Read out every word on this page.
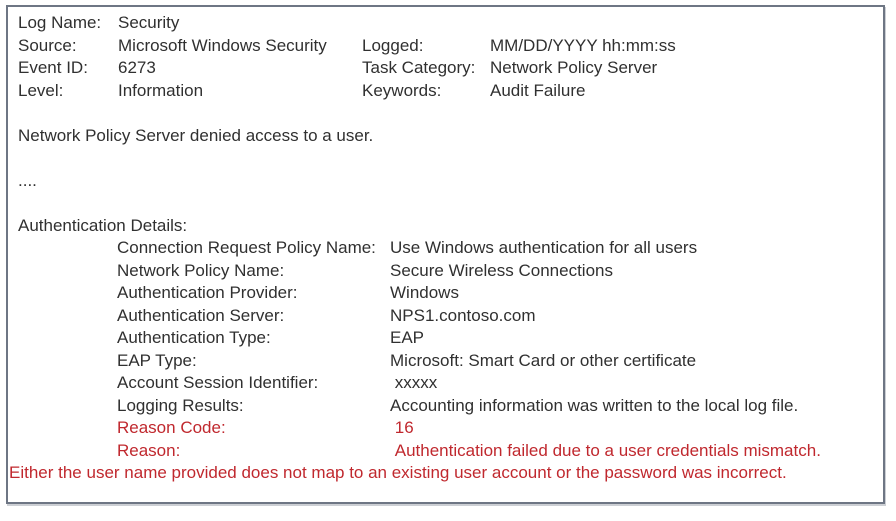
Log Name: Security
Source:	Microsoft Windows Security	Logged:	MM/DD/YYYY hh:mm:ss
Event ID:	6273	Task Category: Network Policy Server
Level:	Information	Keywords:	Audit Failure

Network Policy Server denied access to a user.

....

Authentication Details:

Connection Request Policy Name: Use Windows authentication for all users
Network Policy Name:	Secure Wireless Connections
Authentication Provider:	Windows
Authentication Server:	NPS1.contoso.com
Authentication Type:	EAP
EAP Type:	Microsoft: Smart Card or other certificate
Account Session Identifier:	xxxxx
Logging Results:	Accounting information was written to the local log file.
Reason Code:	16
Reason:	Authentication failed due to a user credentials mismatch.

Either the user name provided does not map to an existing user account or the password was incorrect.
